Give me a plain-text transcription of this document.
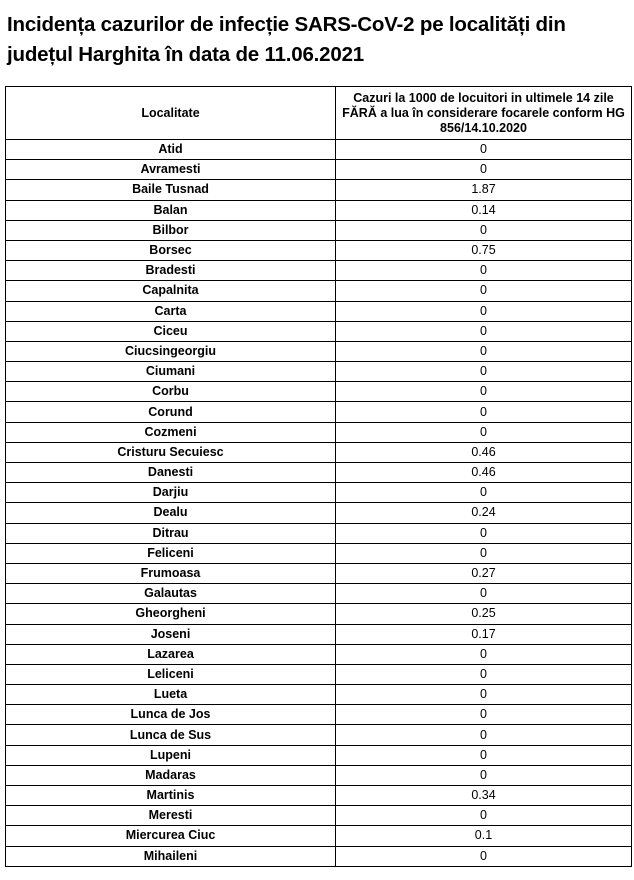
Incidența cazurilor de infecție SARS-CoV-2 pe localități din
județul Harghita în data de 11.06.2021
Localitate	Cazuri la 1000 de locuitori in ultimele 14 zile FĂRĂ a lua în considerare focarele conform HG 856/14.10.2020
Atid	0
Avramesti	0
Baile Tusnad	1.87
Balan	0.14
Bilbor	0
Borsec	0.75
Bradesti	0
Capalnita	0
Carta	0
Ciceu	0
Ciucsingeorgiu	0
Ciumani	0
Corbu	0
Corund	0
Cozmeni	0
Cristuru Secuiesc	0.46
Danesti	0.46
Darjiu	0
Dealu	0.24
Ditrau	0
Feliceni	0
Frumoasa	0.27
Galautas	0
Gheorgheni	0.25
Joseni	0.17
Lazarea	0
Leliceni	0
Lueta	0
Lunca de Jos	0
Lunca de Sus	0
Lupeni	0
Madaras	0
Martinis	0.34
Meresti	0
Miercurea Ciuc	0.1
Mihaileni	0
